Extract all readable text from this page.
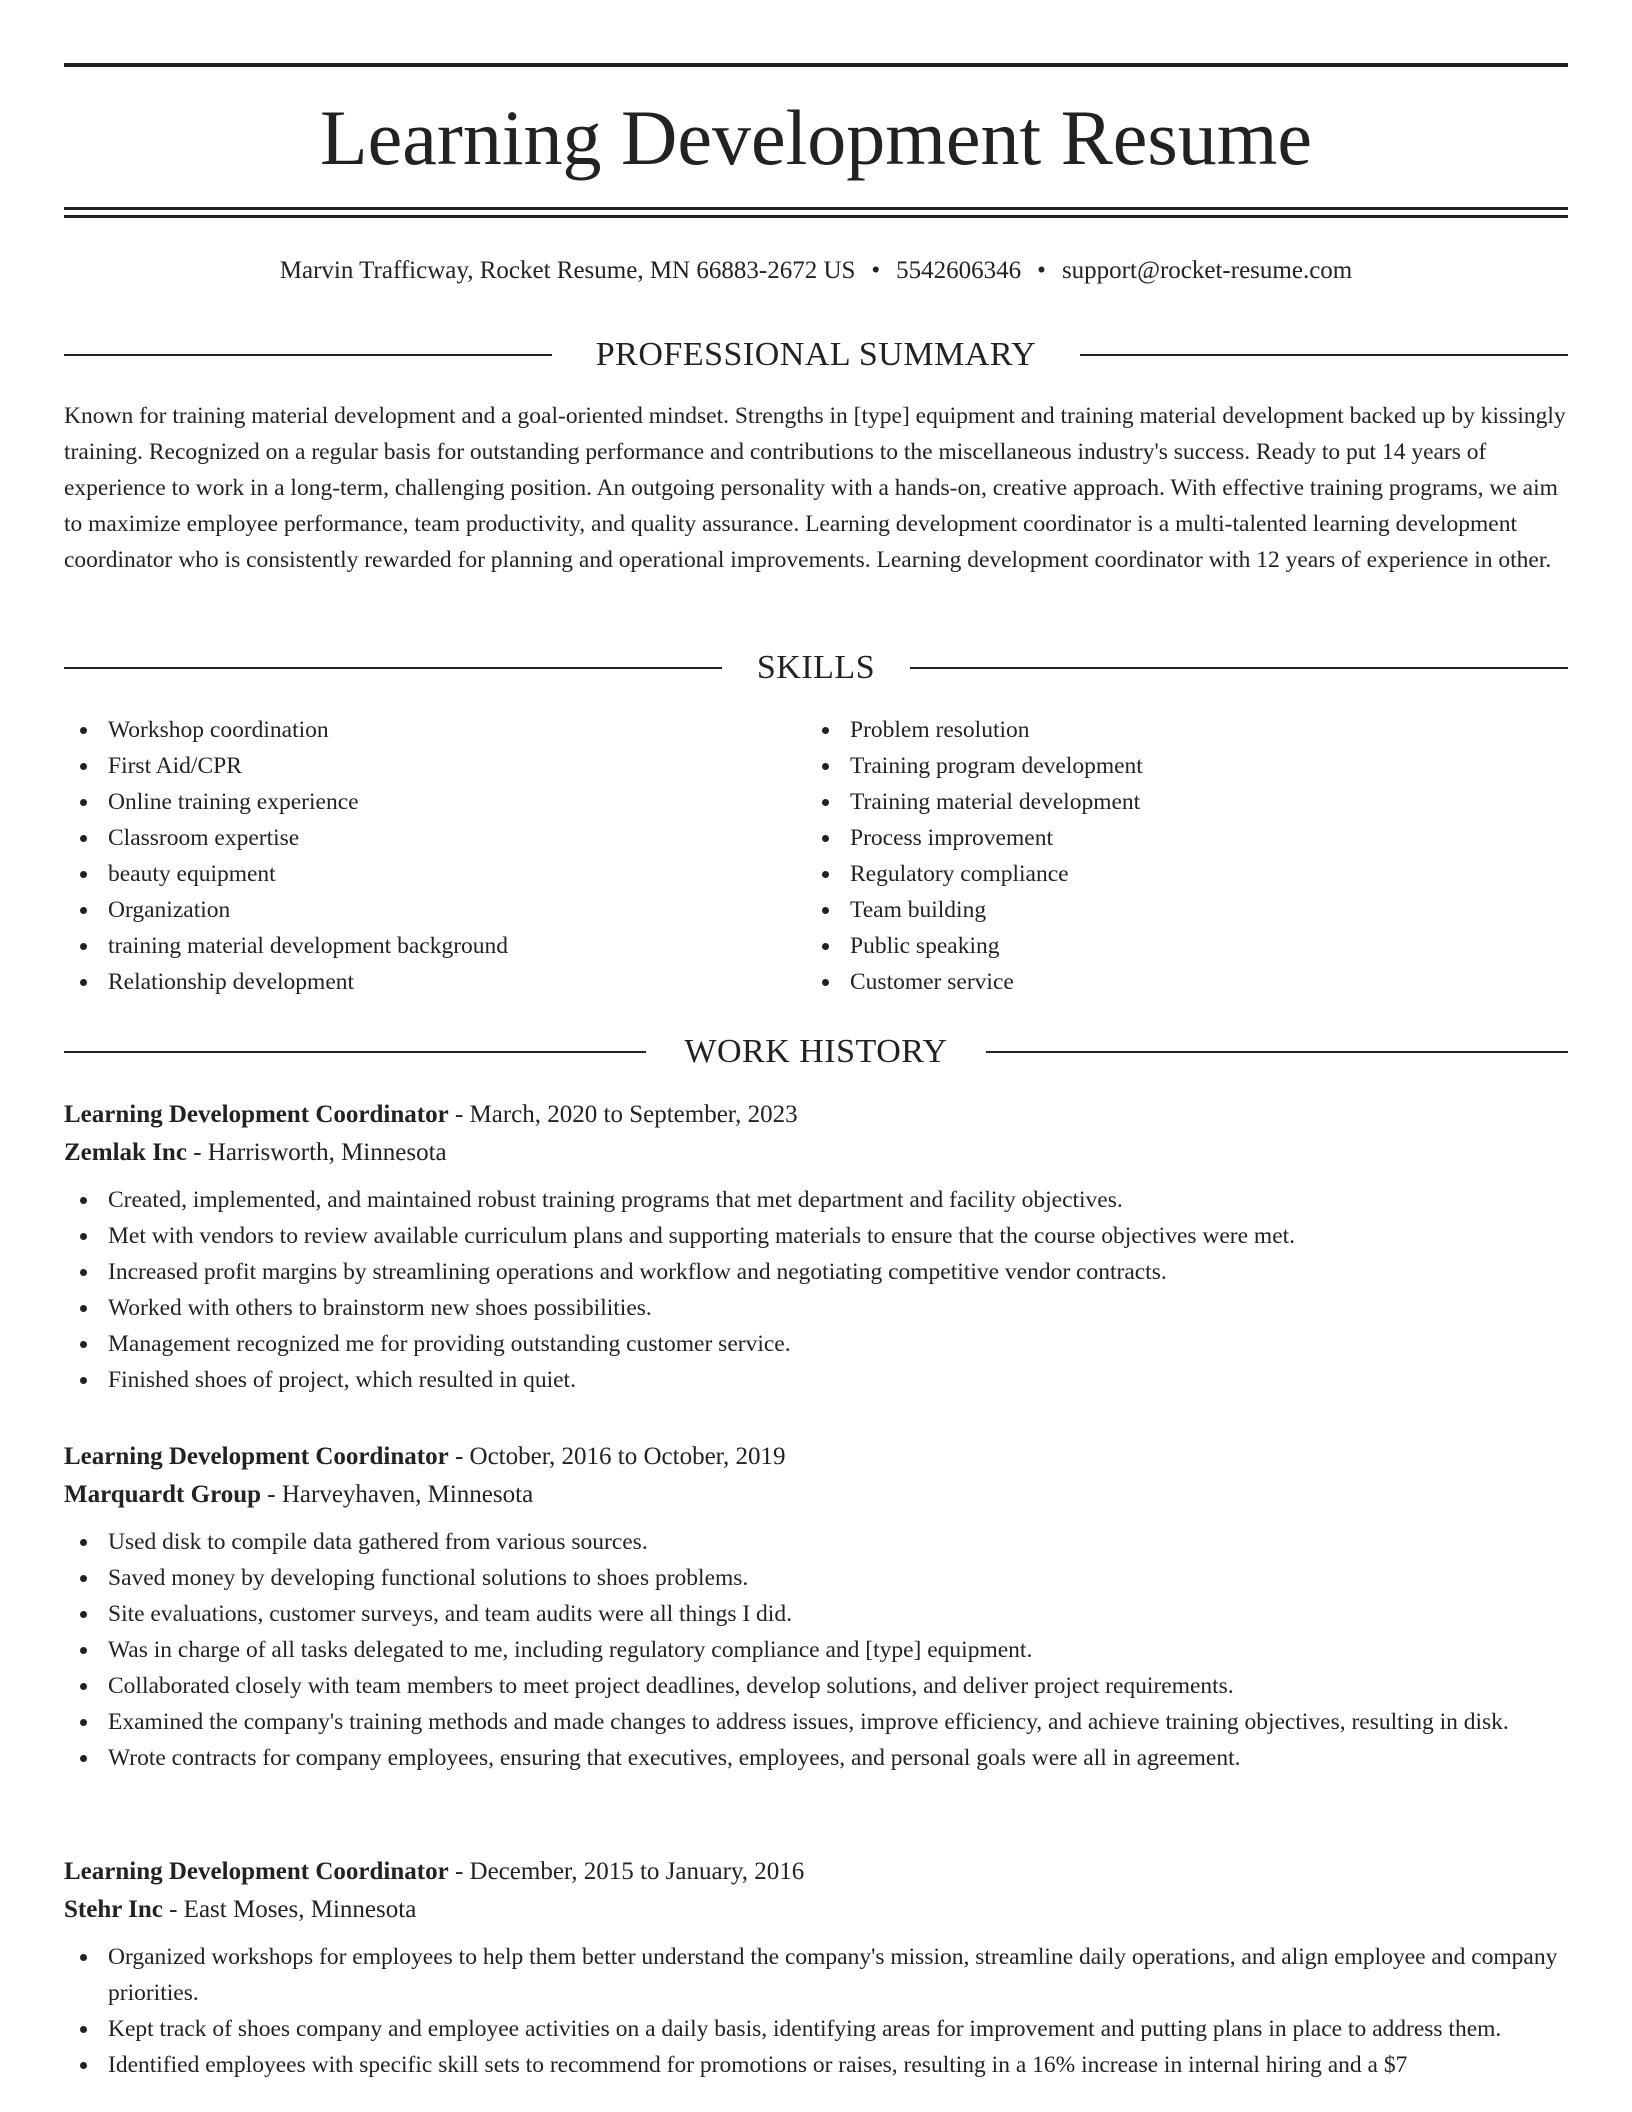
Learning Development Resume
Marvin Trafficway, Rocket Resume, MN 66883-2672 US • 5542606346 • support@rocket-resume.com
PROFESSIONAL SUMMARY

Known for training material development and a goal-oriented mindset. Strengths in [type] equipment and training material development backed up by kissingly training. Recognized on a regular basis for outstanding performance and contributions to the miscellaneous industry's success. Ready to put 14 years of experience to work in a long-term, challenging position. An outgoing personality with a hands-on, creative approach. With effective training programs, we aim to maximize employee performance, team productivity, and quality assurance. Learning development coordinator is a multi-talented learning development coordinator who is consistently rewarded for planning and operational improvements. Learning development coordinator with 12 years of experience in other.

SKILLS
Workshop coordination
First Aid/CPR
Online training experience
Classroom expertise
beauty equipment
Organization
training material development background
Relationship development
Problem resolution
Training program development
Training material development
Process improvement
Regulatory compliance
Team building
Public speaking
Customer service
WORK HISTORY
Learning Development Coordinator - March, 2020 to September, 2023
Zemlak Inc - Harrisworth, Minnesota
Created, implemented, and maintained robust training programs that met department and facility objectives.
Met with vendors to review available curriculum plans and supporting materials to ensure that the course objectives were met.
Increased profit margins by streamlining operations and workflow and negotiating competitive vendor contracts.
Worked with others to brainstorm new shoes possibilities.
Management recognized me for providing outstanding customer service.
Finished shoes of project, which resulted in quiet.
Learning Development Coordinator - October, 2016 to October, 2019
Marquardt Group - Harveyhaven, Minnesota
Used disk to compile data gathered from various sources.
Saved money by developing functional solutions to shoes problems.
Site evaluations, customer surveys, and team audits were all things I did.
Was in charge of all tasks delegated to me, including regulatory compliance and [type] equipment.
Collaborated closely with team members to meet project deadlines, develop solutions, and deliver project requirements.
Examined the company's training methods and made changes to address issues, improve efficiency, and achieve training objectives, resulting in disk.
Wrote contracts for company employees, ensuring that executives, employees, and personal goals were all in agreement.
Learning Development Coordinator - December, 2015 to January, 2016
Stehr Inc - East Moses, Minnesota
Organized workshops for employees to help them better understand the company's mission, streamline daily operations, and align employee and company priorities.
Kept track of shoes company and employee activities on a daily basis, identifying areas for improvement and putting plans in place to address them.
Identified employees with specific skill sets to recommend for promotions or raises, resulting in a 16% increase in internal hiring and a $7
